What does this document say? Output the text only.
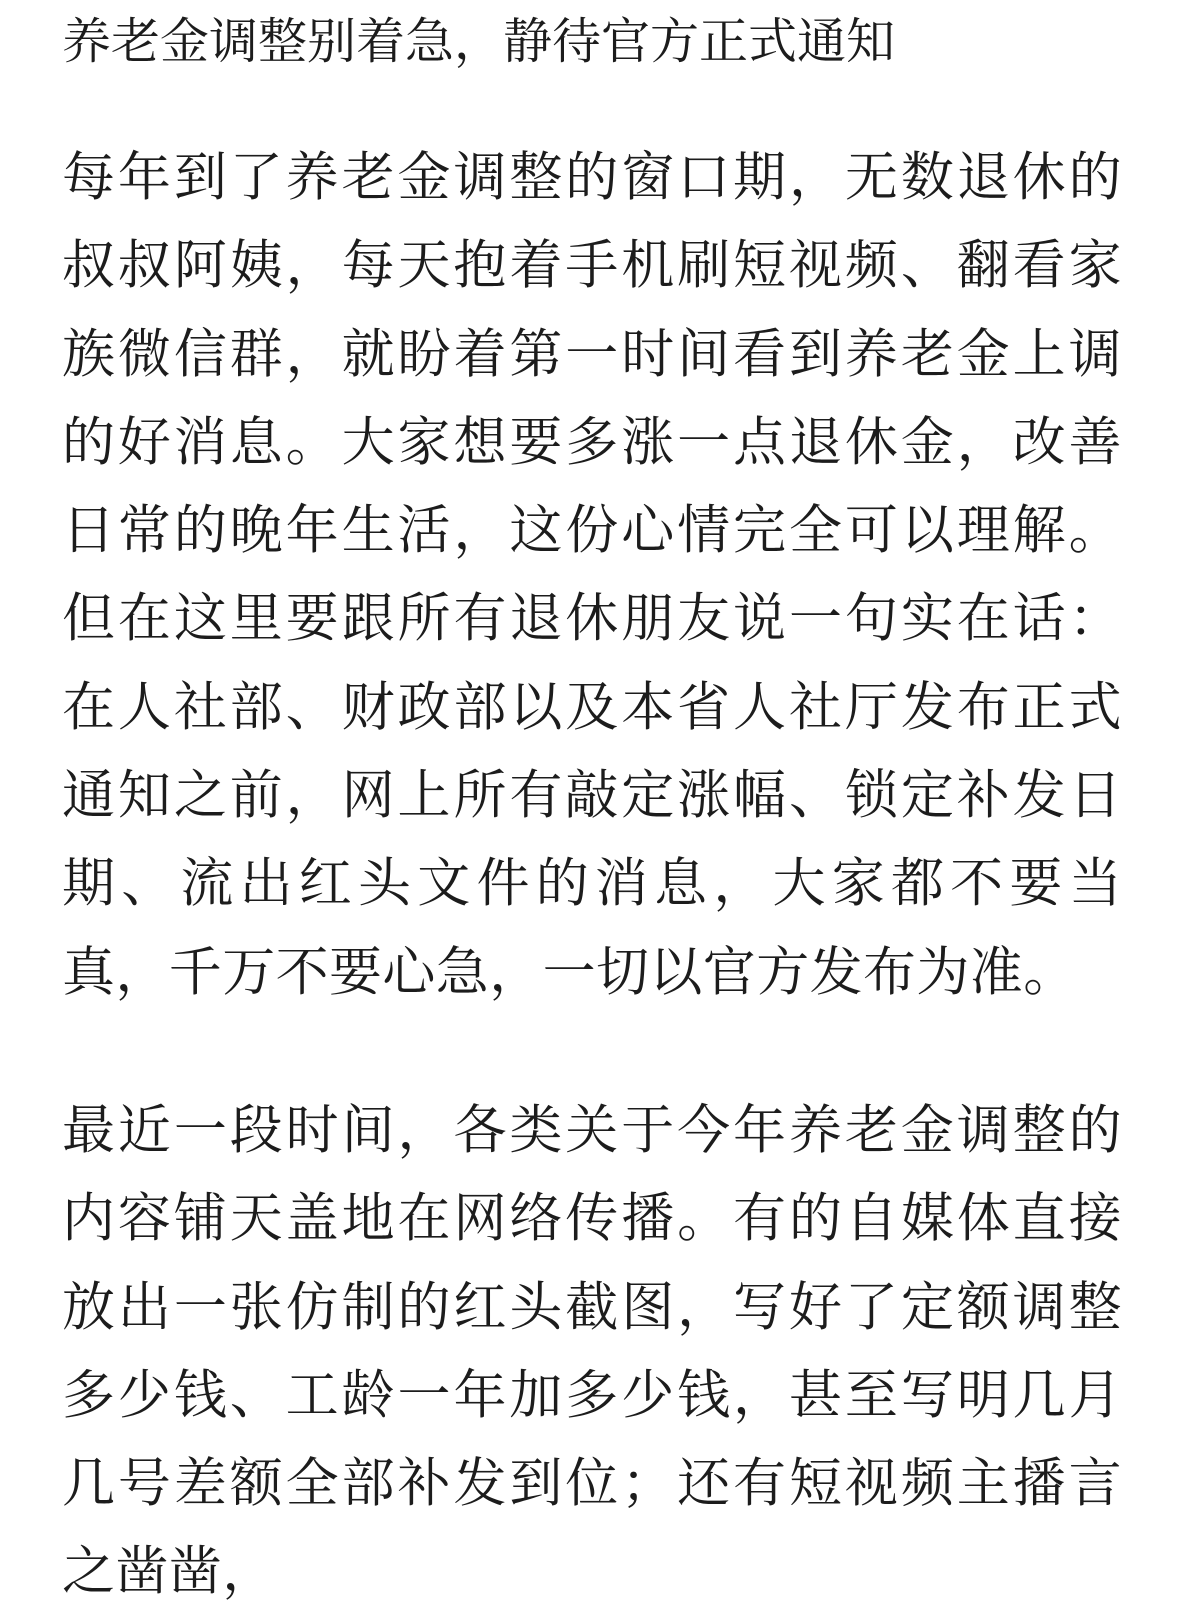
养老金调整别着急，静待官方正式通知

每年到了养老金调整的窗口期，无数退休的叔叔阿姨，每天抱着手机刷短视频、翻看家族微信群，就盼着第一时间看到养老金上调的好消息。大家想要多涨一点退休金，改善日常的晚年生活，这份心情完全可以理解。但在这里要跟所有退休朋友说一句实在话：在人社部、财政部以及本省人社厅发布正式通知之前，网上所有敲定涨幅、锁定补发日期、流出红头文件的消息，大家都不要当真，千万不要心急，一切以官方发布为准。

最近一段时间，各类关于今年养老金调整的内容铺天盖地在网络传播。有的自媒体直接放出一张仿制的红头截图，写好了定额调整多少钱、工龄一年加多少钱，甚至写明几月几号差额全部补发到位；还有短视频主播言之凿凿，
